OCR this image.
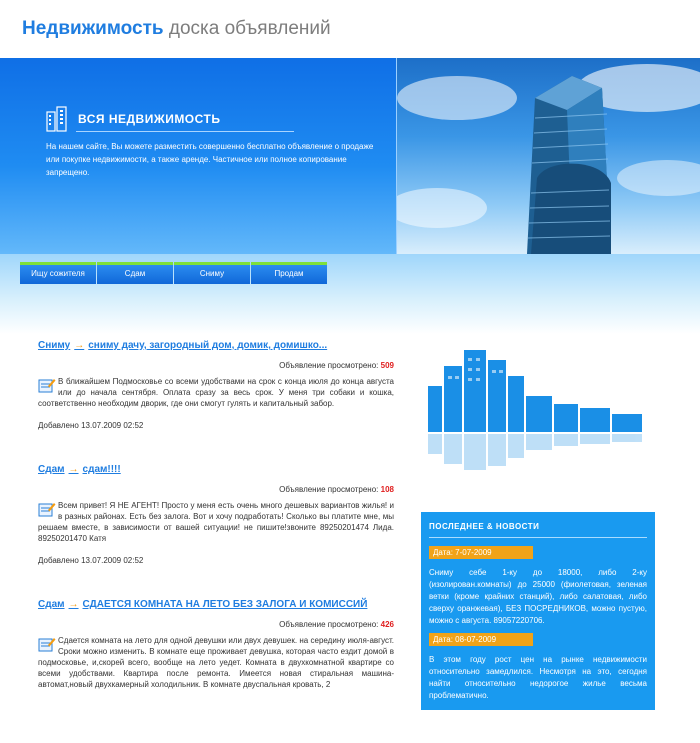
Недвижимость доска объявлений
ВСЯ НЕДВИЖИМОСТЬ
На нашем сайте, Вы можете разместить совершенно бесплатно объявление о продаже или покупке недвижимости, а также аренде. Частичное или полное копирование запрещено.
Ищу сожителя	Сдам	Сниму	Продам
Сниму → сниму дачу, загородный дом, домик, домишко...
Объявление просмотрено: 509
В ближайшем Подмосковье со всеми удобствами на срок с конца июля до конца августа или до начала сентября. Оплата сразу за весь срок. У меня три собаки и кошка, соответственно необходим дворик, где они смогут гулять и капитальный забор.
Добавлено 13.07.2009 02:52
Сдам → сдам!!!!
Объявление просмотрено: 108
Всем привет! Я НЕ АГЕНТ! Просто у меня есть очень много дешевых вариантов жилья! и в разных районах. Есть без залога. Вот и хочу подработать! Сколько вы платите мне, мы решаем вместе, в зависимости от вашей ситуации! не пишите!звоните 89250201474 Лида. 89250201470 Катя
Добавлено 13.07.2009 02:52
Сдам → СДАЕТСЯ КОМНАТА НА ЛЕТО БЕЗ ЗАЛОГА И КОМИССИЙ
Объявление просмотрено: 426
Сдается комната на лето для одной девушки или двух девушек. на середину июля-август. Сроки можно изменить. В комнате еще проживает девушка, которая часто ездит домой в подмосковье, и,скорей всего, вообще на лето уедет. Комната в двухкомнатной квартире со всеми удобствами. Квартира после ремонта. Имеется новая стиральная машина-автомат,новый двухкамерный холодильник. В комнате двуспальная кровать, 2
ПОСЛЕДНЕЕ & НОВОСТИ
Дата: 7-07-2009
Сниму себе 1-ку до 18000, либо 2-ку (изолирован.комнаты) до 25000 (фиолетовая, зеленая ветки (кроме крайних станций), либо салатовая, либо сверху оранжевая), БЕЗ ПОСРЕДНИКОВ, можно пустую, можно с августа. 89057220706.
Дата: 08-07-2009
В этом году рост цен на рынке недвижимости относительно замедлился. Несмотря на это, сегодня найти относительно недорогое жилье весьма проблематично.
